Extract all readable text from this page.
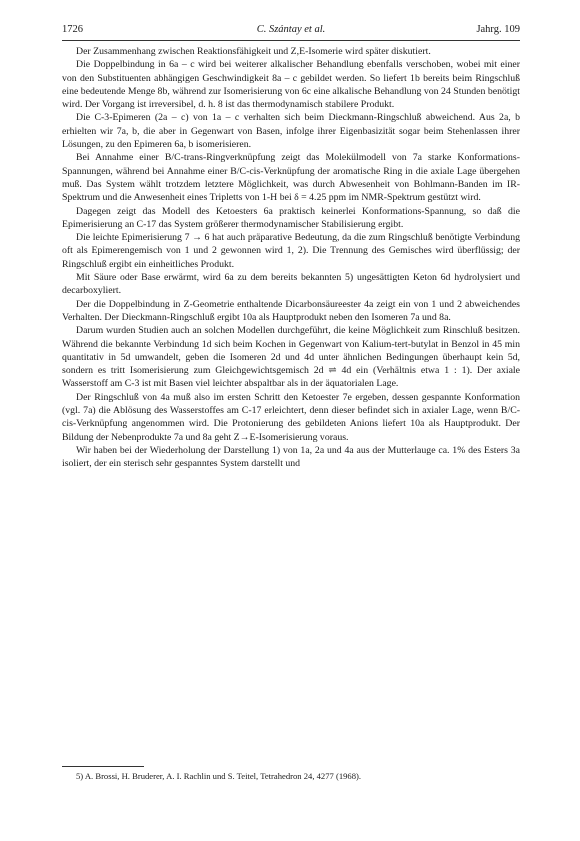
1726	C. Szántay et al.	Jahrg. 109

Der Zusammenhang zwischen Reaktionsfähigkeit und Z,E-Isomerie wird später diskutiert.

Die Doppelbindung in 6a – c wird bei weiterer alkalischer Behandlung ebenfalls verschoben, wobei mit einer von den Substituenten abhängigen Geschwindigkeit 8a – c gebildet werden. So liefert 1b bereits beim Ringschluß eine bedeutende Menge 8b, während zur Isomerisierung von 6c eine alkalische Behandlung von 24 Stunden benötigt wird. Der Vorgang ist irreversibel, d. h. 8 ist das thermodynamisch stabilere Produkt.

Die C-3-Epimeren (2a – c) von 1a – c verhalten sich beim Dieckmann-Ringschluß abweichend. Aus 2a, b erhielten wir 7a, b, die aber in Gegenwart von Basen, infolge ihrer Eigenbasizität sogar beim Stehenlassen ihrer Lösungen, zu den Epimeren 6a, b isomerisieren.

Bei Annahme einer B/C-trans-Ringverknüpfung zeigt das Molekülmodell von 7a starke Konformations-Spannungen, während bei Annahme einer B/C-cis-Verknüpfung der aromatische Ring in die axiale Lage übergehen muß. Das System wählt trotzdem letztere Möglichkeit, was durch Abwesenheit von Bohlmann-Banden im IR-Spektrum und die Anwesenheit eines Tripletts von 1-H bei δ = 4.25 ppm im NMR-Spektrum gestützt wird.

Dagegen zeigt das Modell des Ketoesters 6a praktisch keinerlei Konformations-Spannung, so daß die Epimerisierung an C-17 das System größerer thermodynamischer Stabilisierung ergibt.

Die leichte Epimerisierung 7 → 6 hat auch präparative Bedeutung, da die zum Ringschluß benötigte Verbindung oft als Epimerengemisch von 1 und 2 gewonnen wird 1, 2). Die Trennung des Gemisches wird überflüssig; der Ringschluß ergibt ein einheitliches Produkt.

Mit Säure oder Base erwärmt, wird 6a zu dem bereits bekannten 5) ungesättigten Keton 6d hydrolysiert und decarboxyliert.

Der die Doppelbindung in Z-Geometrie enthaltende Dicarbonsäureester 4a zeigt ein von 1 und 2 abweichendes Verhalten. Der Dieckmann-Ringschluß ergibt 10a als Hauptprodukt neben den Isomeren 7a und 8a.

Darum wurden Studien auch an solchen Modellen durchgeführt, die keine Möglichkeit zum Rinschluß besitzen. Während die bekannte Verbindung 1d sich beim Kochen in Gegenwart von Kalium-tert-butylat in Benzol in 45 min quantitativ in 5d umwandelt, geben die Isomeren 2d und 4d unter ähnlichen Bedingungen überhaupt kein 5d, sondern es tritt Isomerisierung zum Gleichgewichtsgemisch 2d ⇌ 4d ein (Verhältnis etwa 1 : 1). Der axiale Wasserstoff am C-3 ist mit Basen viel leichter abspaltbar als in der äquatorialen Lage.

Der Ringschluß von 4a muß also im ersten Schritt den Ketoester 7e ergeben, dessen gespannte Konformation (vgl. 7a) die Ablösung des Wasserstoffes am C-17 erleichtert, denn dieser befindet sich in axialer Lage, wenn B/C-cis-Verknüpfung angenommen wird. Die Protonierung des gebildeten Anions liefert 10a als Hauptprodukt. Der Bildung der Nebenprodukte 7a und 8a geht Z→E-Isomerisierung voraus.

Wir haben bei der Wiederholung der Darstellung 1) von 1a, 2a und 4a aus der Mutterlauge ca. 1% des Esters 3a isoliert, der ein sterisch sehr gespanntes System darstellt und

5) A. Brossi, H. Bruderer, A. I. Rachlin und S. Teitel, Tetrahedron 24, 4277 (1968).
